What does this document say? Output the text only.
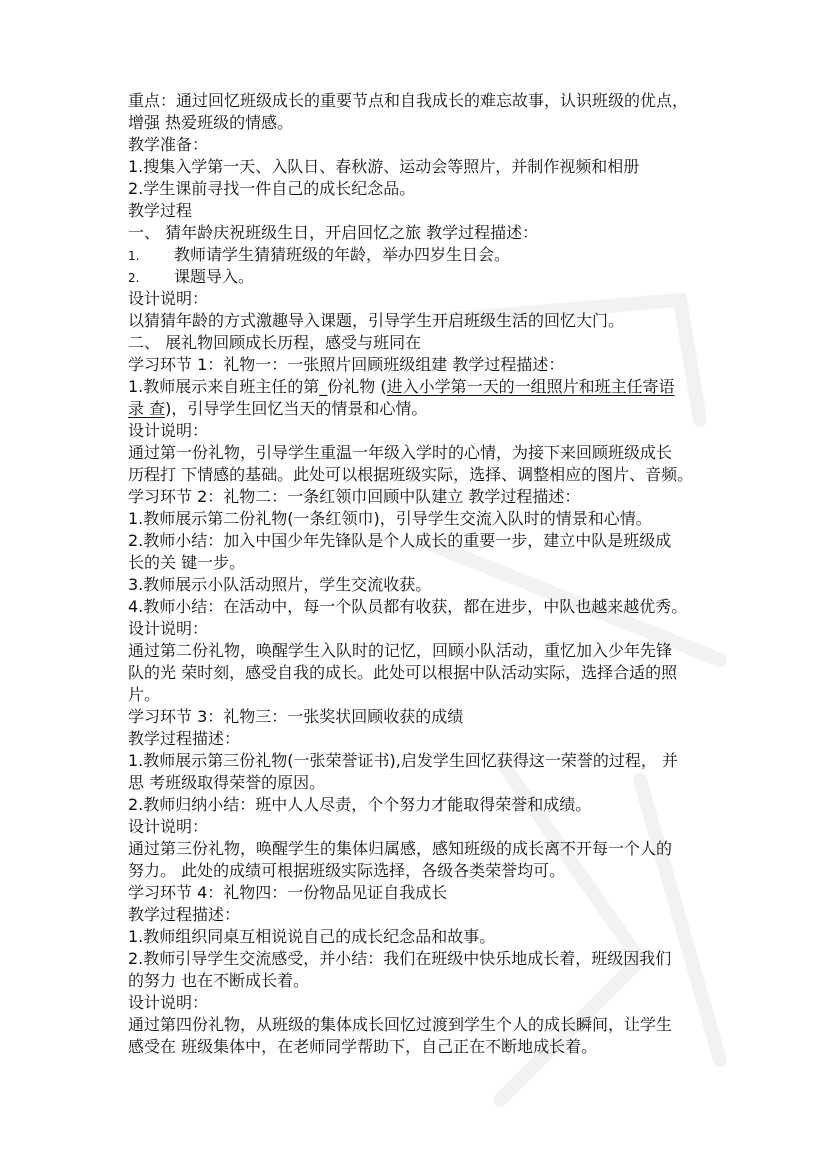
重点：通过回忆班级成长的重要节点和自我成长的难忘故事，认识班级的优点，
增强 热爱班级的情感。
教学准备：
1.搜集入学第一天、入队日、春秋游、运动会等照片，并制作视频和相册
2.学生课前寻找一件自己的成长纪念品。
教学过程
一、 猜年龄庆祝班级生日，开启回忆之旅 教学过程描述：
1. 教师请学生猜猜班级的年龄，举办四岁生日会。
2. 课题导入。
设计说明：
以猜猜年龄的方式激趣导入课题，引导学生开启班级生活的回忆大门。
二、 展礼物回顾成长历程，感受与班同在
学习环节 1：礼物一：一张照片回顾班级组建 教学过程描述：
1.教师展示来自班主任的第_份礼物 (进入小学第一天的一组照片和班主任寄语
录 查)，引导学生回忆当天的情景和心情。
设计说明：
通过第一份礼物，引导学生重温一年级入学时的心情，为接下来回顾班级成长
历程打 下情感的基础。此处可以根据班级实际，选择、调整相应的图片、音频。
学习环节 2：礼物二：一条红领巾回顾中队建立 教学过程描述：
1.教师展示第二份礼物(一条红领巾)，引导学生交流入队时的情景和心情。
2.教师小结：加入中国少年先锋队是个人成长的重要一步，建立中队是班级成
长的关 键一步。
3.教师展示小队活动照片，学生交流收获。
4.教师小结：在活动中，每一个队员都有收获，都在进步，中队也越来越优秀。
设计说明：
通过第二份礼物，唤醒学生入队时的记忆，回顾小队活动，重忆加入少年先锋
队的光 荣时刻，感受自我的成长。此处可以根据中队活动实际，选择合适的照
片。
学习环节 3：礼物三：一张奖状回顾收获的成绩
教学过程描述：
1.教师展示第三份礼物(一张荣誉证书),启发学生回忆获得这一荣誉的过程， 并
思 考班级取得荣誉的原因。
2.教师归纳小结：班中人人尽责，个个努力才能取得荣誉和成绩。
设计说明：
通过第三份礼物，唤醒学生的集体归属感，感知班级的成长离不开每一个人的
努力。 此处的成绩可根据班级实际选择，各级各类荣誉均可。
学习环节 4：礼物四：一份物品见证自我成长
教学过程描述：
1.教师组织同桌互相说说自己的成长纪念品和故事。
2.教师引导学生交流感受，并小结：我们在班级中快乐地成长着，班级因我们
的努力 也在不断成长着。
设计说明：
通过第四份礼物，从班级的集体成长回忆过渡到学生个人的成长瞬间，让学生
感受在 班级集体中，在老师同学帮助下，自己正在不断地成长着。
